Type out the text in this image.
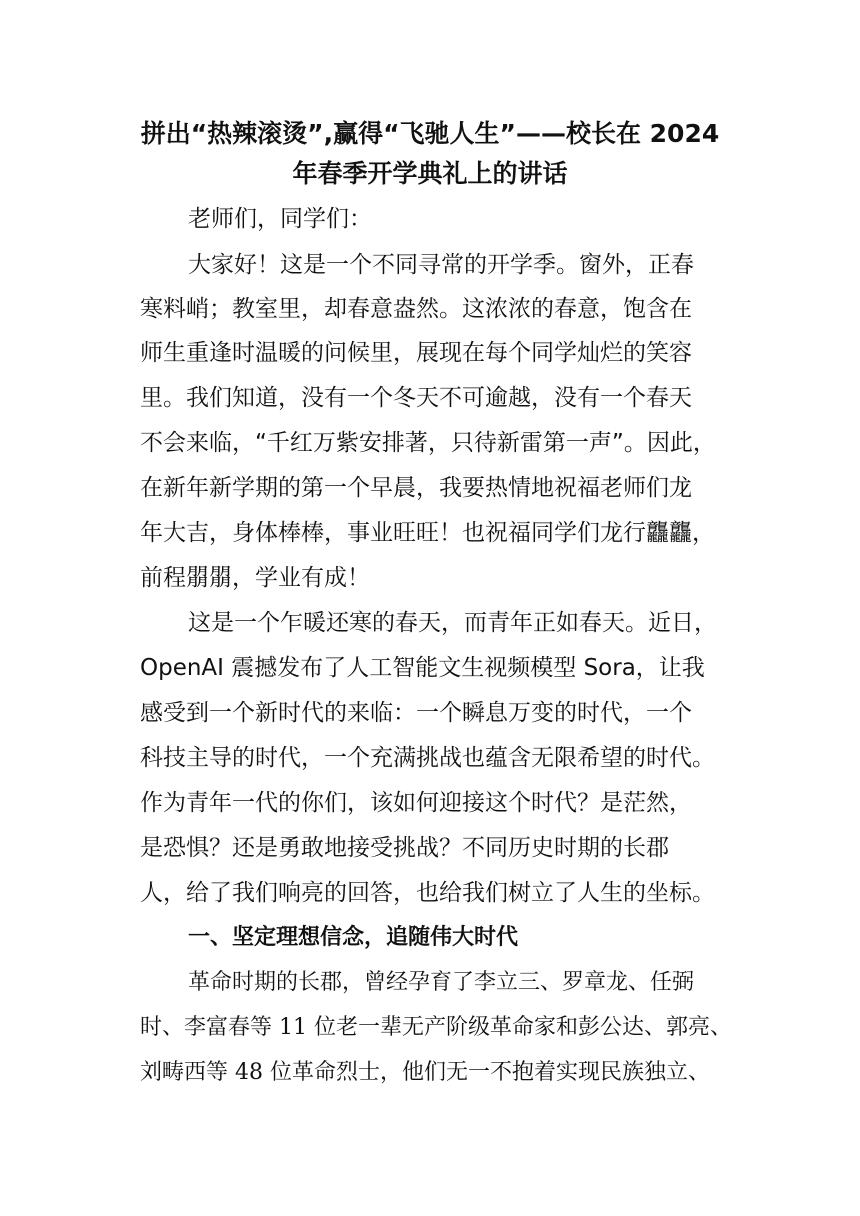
拼出“热辣滚烫”,赢得“飞驰人生”——校长在 2024
年春季开学典礼上的讲话

老师们，同学们：

大家好！这是一个不同寻常的开学季。窗外，正春

寒料峭；教室里，却春意盎然。这浓浓的春意，饱含在

师生重逢时温暖的问候里，展现在每个同学灿烂的笑容

里。我们知道，没有一个冬天不可逾越，没有一个春天

不会来临，“千红万紫安排著，只待新雷第一声”。因此，

在新年新学期的第一个早晨，我要热情地祝福老师们龙

年大吉，身体棒棒，事业旺旺！也祝福同学们龙行龘龘，

前程朤朤，学业有成！

这是一个乍暖还寒的春天，而青年正如春天。近日，

OpenAI 震撼发布了人工智能文生视频模型 Sora，让我

感受到一个新时代的来临：一个瞬息万变的时代，一个

科技主导的时代，一个充满挑战也蕴含无限希望的时代。

作为青年一代的你们，该如何迎接这个时代？是茫然，

是恐惧？还是勇敢地接受挑战？不同历史时期的长郡

人，给了我们响亮的回答，也给我们树立了人生的坐标。

一、坚定理想信念，追随伟大时代

革命时期的长郡，曾经孕育了李立三、罗章龙、任弼

时、李富春等 11 位老一辈无产阶级革命家和彭公达、郭亮、

刘畴西等 48 位革命烈士，他们无一不抱着实现民族独立、
